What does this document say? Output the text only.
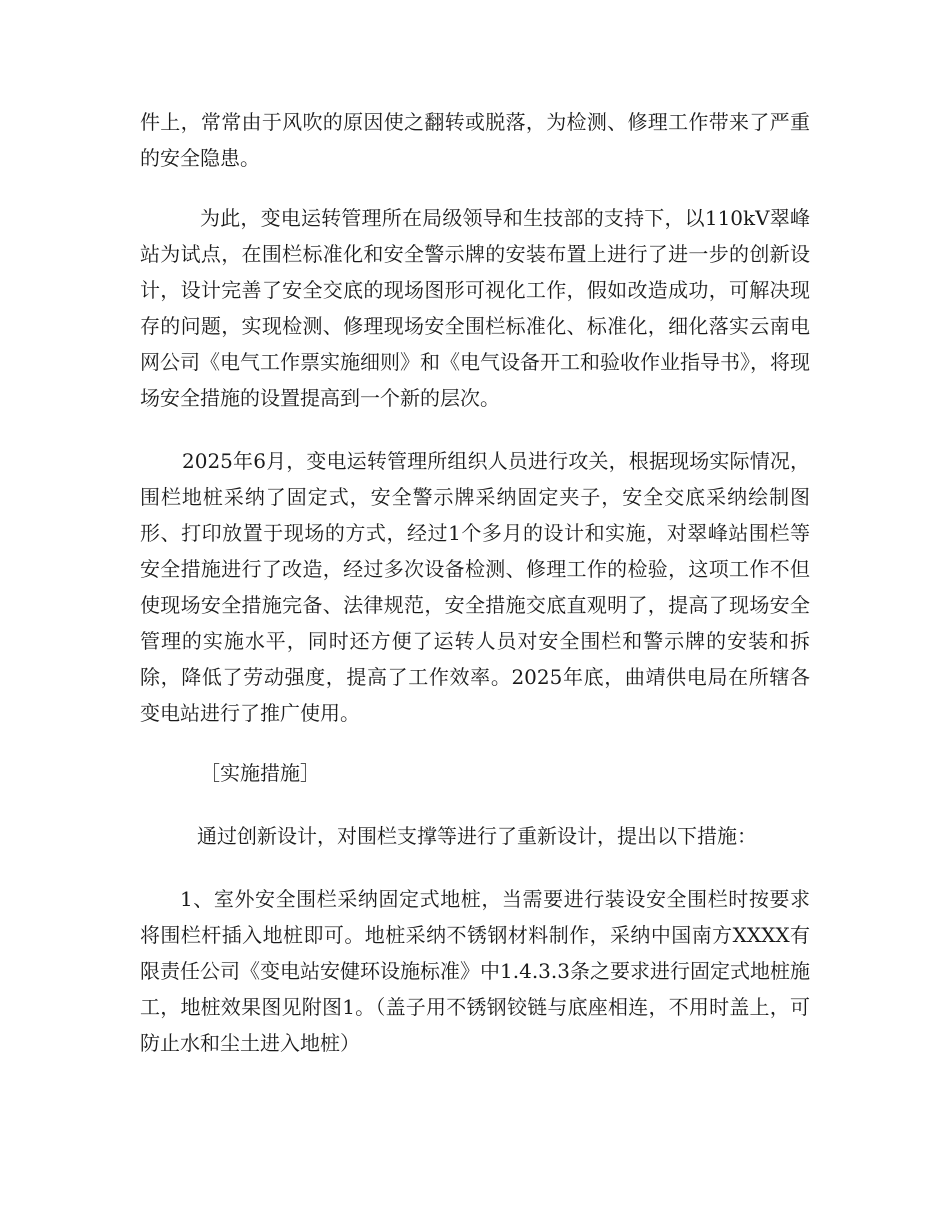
件上，常常由于风吹的原因使之翻转或脱落，为检测、修理工作带来了严重的安全隐患。

为此，变电运转管理所在局级领导和生技部的支持下，以110kV翠峰站为试点，在围栏标准化和安全警示牌的安装布置上进行了进一步的创新设计，设计完善了安全交底的现场图形可视化工作，假如改造成功，可解决现存的问题，实现检测、修理现场安全围栏标准化、标准化，细化落实云南电网公司《电气工作票实施细则》和《电气设备开工和验收作业指导书》，将现场安全措施的设置提高到一个新的层次。

2025年6月，变电运转管理所组织人员进行攻关，根据现场实际情况，围栏地桩采纳了固定式，安全警示牌采纳固定夹子，安全交底采纳绘制图形、打印放置于现场的方式，经过1个多月的设计和实施，对翠峰站围栏等安全措施进行了改造，经过多次设备检测、修理工作的检验，这项工作不但使现场安全措施完备、法律规范，安全措施交底直观明了，提高了现场安全管理的实施水平，同时还方便了运转人员对安全围栏和警示牌的安装和拆除，降低了劳动强度，提高了工作效率。2025年底，曲靖供电局在所辖各变电站进行了推广使用。

［实施措施］

通过创新设计，对围栏支撑等进行了重新设计，提出以下措施：

1、室外安全围栏采纳固定式地桩，当需要进行装设安全围栏时按要求将围栏杆插入地桩即可。地桩采纳不锈钢材料制作，采纳中国南方XXXX有限责任公司《变电站安健环设施标准》中1.4.3.3条之要求进行固定式地桩施工，地桩效果图见附图1。（盖子用不锈钢铰链与底座相连，不用时盖上，可防止水和尘土进入地桩）
